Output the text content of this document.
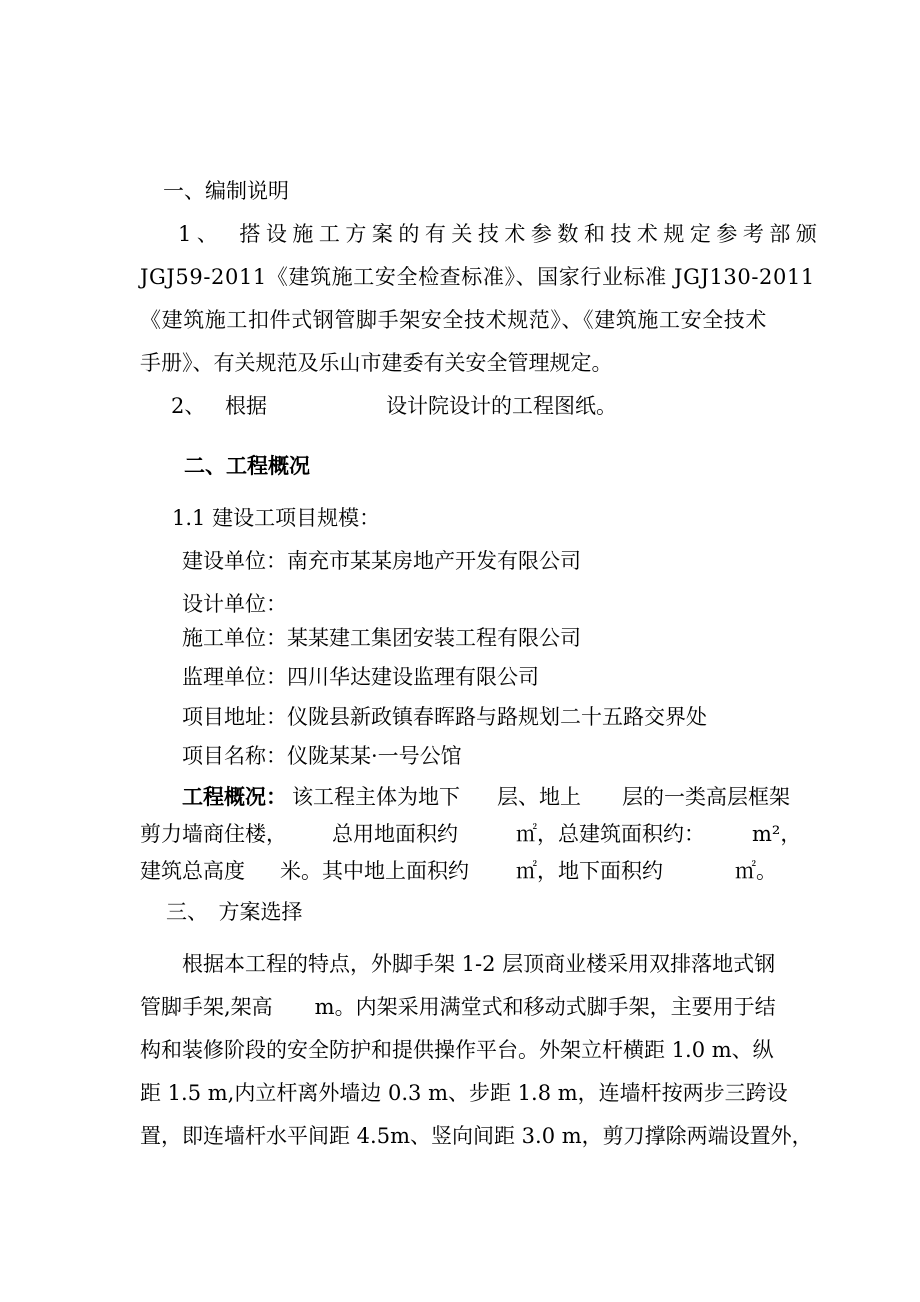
一、编制说明
1、　搭设施工方案的有关技术参数和技术规定参考部颁
JGJ59-2011《建筑施工安全检查标准》、国家行业标准 JGJ130-2011
《建筑施工扣件式钢管脚手架安全技术规范》、《建筑施工安全技术
手册》、有关规范及乐山市建委有关安全管理规定。
2、 根据	设计院设计的工程图纸。
二、工程概况
1.1 建设工项目规模：
建设单位：南充市某某房地产开发有限公司
设计单位：
施工单位：某某建工集团安装工程有限公司
监理单位：四川华达建设监理有限公司
项目地址：仪陇县新政镇春晖路与路规划二十五路交界处
项目名称：仪陇某某·一号公馆
工程概况： 该工程主体为地下 层、地上 层的一类高层框架
剪力墙商住楼， 总用地面积约	㎡，总建筑面积约： m²，
建筑总高度 米。其中地上面积约 ㎡，地下面积约	㎡。
三、　方案选择
根据本工程的特点，外脚手架 1-2 层顶商业楼采用双排落地式钢
管脚手架,架高　　m。内架采用满堂式和移动式脚手架，主要用于结
构和装修阶段的安全防护和提供操作平台。外架立杆横距 1.0 m、纵
距 1.5 m,内立杆离外墙边 0.3 m、步距 1.8 m，连墙杆按两步三跨设
置，即连墙杆水平间距 4.5m、竖向间距 3.0 m，剪刀撑除两端设置外，
